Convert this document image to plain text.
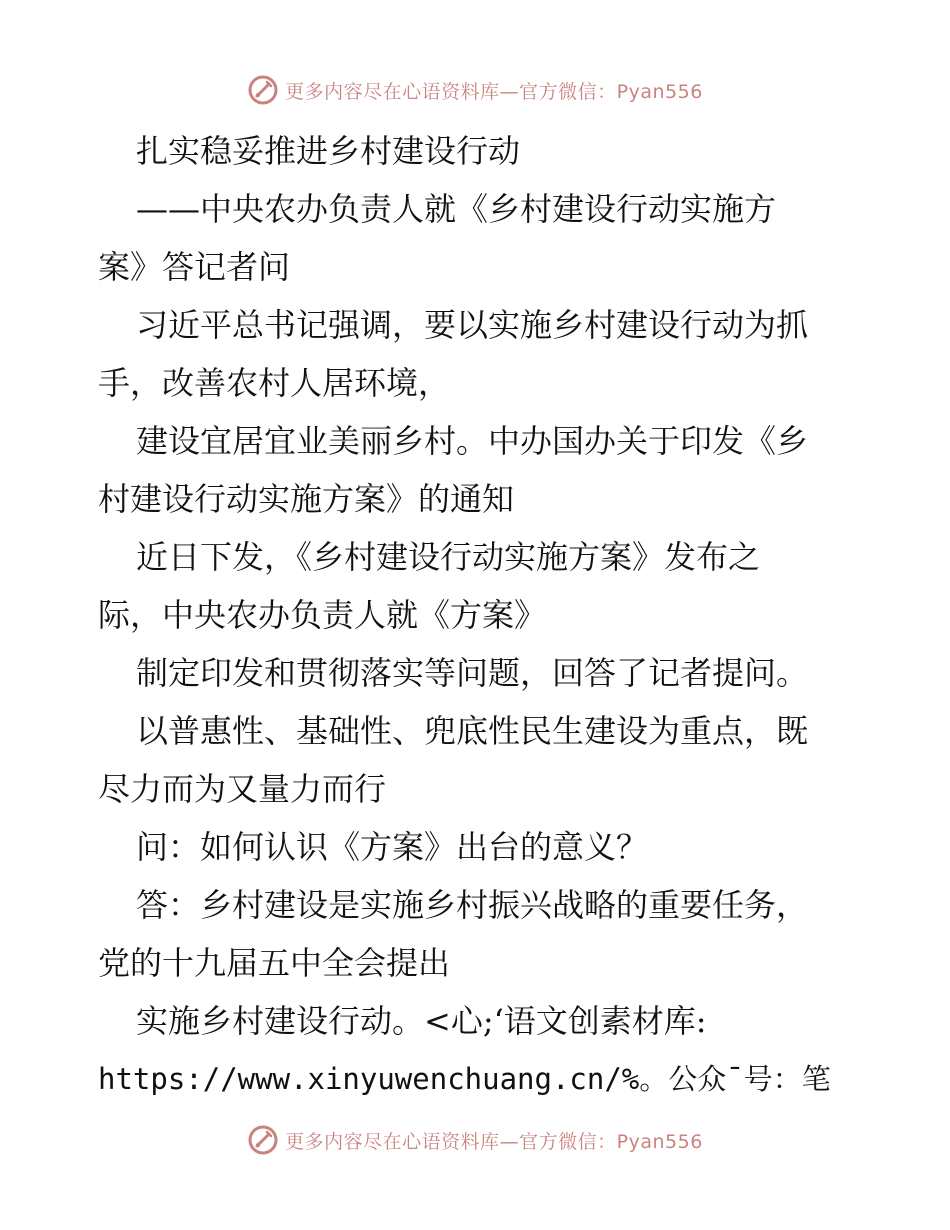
更多内容尽在心语资料库—官方微信：Pyan556
扎实稳妥推进乡村建设行动
——中央农办负责人就《乡村建设行动实施方
案》答记者问
习近平总书记强调，要以实施乡村建设行动为抓
手，改善农村人居环境，
建设宜居宜业美丽乡村。中办国办关于印发《乡
村建设行动实施方案》的通知
近日下发，《乡村建设行动实施方案》发布之
际，中央农办负责人就《方案》
制定印发和贯彻落实等问题，回答了记者提问。
以普惠性、基础性、兜底性民生建设为重点，既
尽力而为又量力而行
问：如何认识《方案》出台的意义？
答：乡村建设是实施乡村振兴战略的重要任务，
党的十九届五中全会提出
实施乡村建设行动。<心;‘语文创素材库:
https://www.xinyuwenchuang.cn/%。公众¯号：笔
更多内容尽在心语资料库—官方微信：Pyan556
